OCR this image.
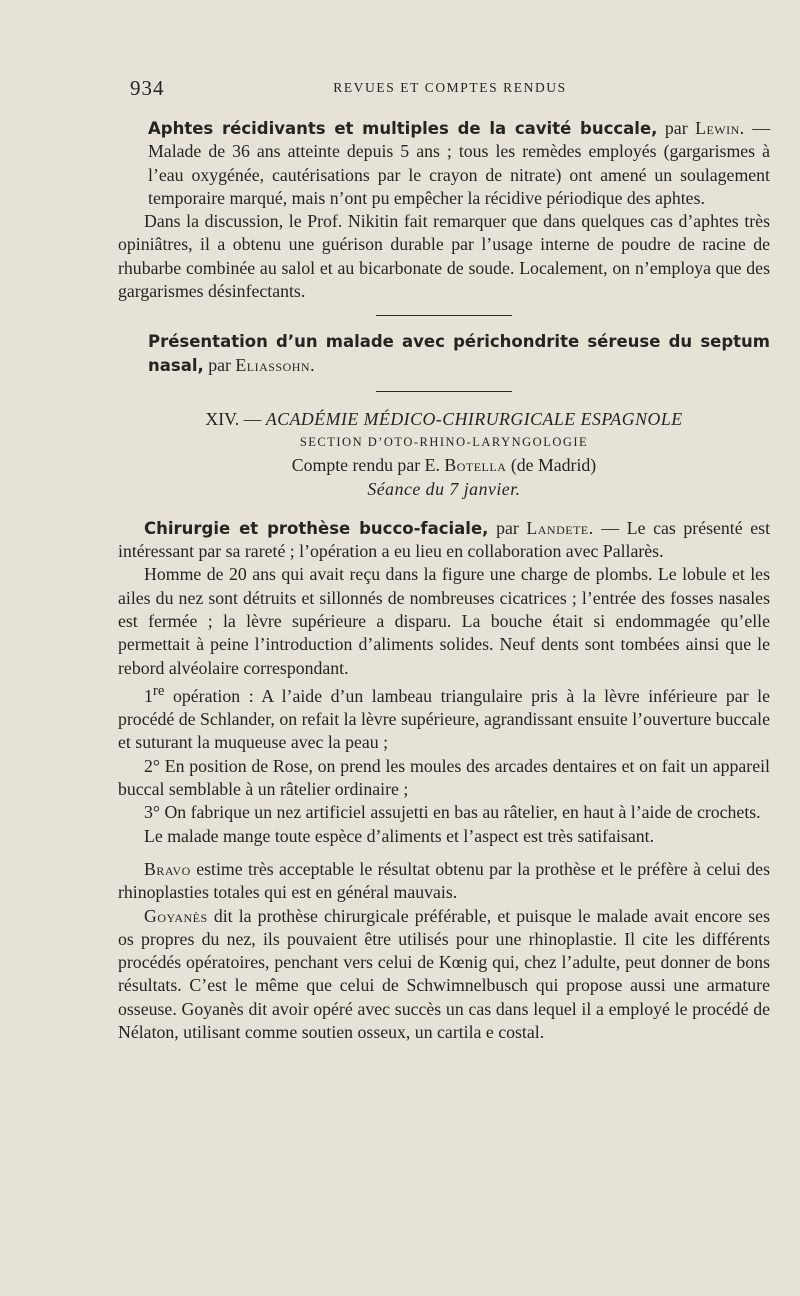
934	REVUES ET COMPTES RENDUS

Aphtes récidivants et multiples de la cavité buccale, par Lewin. — Malade de 36 ans atteinte depuis 5 ans ; tous les remèdes employés (gargarismes à l’eau oxygénée, cautérisations par le crayon de nitrate) ont amené un soulagement temporaire marqué, mais n’ont pu empêcher la récidive périodique des aphtes.

Dans la discussion, le Prof. Nikitin fait remarquer que dans quelques cas d’aphtes très opiniâtres, il a obtenu une guérison durable par l’usage interne de poudre de racine de rhubarbe combinée au salol et au bicarbonate de soude. Localement, on n’employa que des gargarismes désinfectants.

Présentation d’un malade avec périchondrite séreuse du septum nasal, par Eliassohn.

XIV. — ACADÉMIE MÉDICO-CHIRURGICALE ESPAGNOLE
SECTION D’OTO-RHINO-LARYNGOLOGIE
Compte rendu par E. Botella (de Madrid)
Séance du 7 janvier.

Chirurgie et prothèse bucco-faciale, par Landete. — Le cas présenté est intéressant par sa rareté ; l’opération a eu lieu en collaboration avec Pallarès.

Homme de 20 ans qui avait reçu dans la figure une charge de plombs. Le lobule et les ailes du nez sont détruits et sillonnés de nombreuses cicatrices ; l’entrée des fosses nasales est fermée ; la lèvre supérieure a disparu. La bouche était si endommagée qu’elle permettait à peine l’introduction d’aliments solides. Neuf dents sont tombées ainsi que le rebord alvéolaire correspondant.

1re opération : A l’aide d’un lambeau triangulaire pris à la lèvre inférieure par le procédé de Schlander, on refait la lèvre supérieure, agrandissant ensuite l’ouverture buccale et suturant la muqueuse avec la peau ;

2° En position de Rose, on prend les moules des arcades dentaires et on fait un appareil buccal semblable à un râtelier ordinaire ;

3° On fabrique un nez artificiel assujetti en bas au râtelier, en haut à l’aide de crochets.

Le malade mange toute espèce d’aliments et l’aspect est très satifaisant.

Bravo estime très acceptable le résultat obtenu par la prothèse et le préfère à celui des rhinoplasties totales qui est en général mauvais.

Goyanès dit la prothèse chirurgicale préférable, et puisque le malade avait encore ses os propres du nez, ils pouvaient être utilisés pour une rhinoplastie. Il cite les différents procédés opératoires, penchant vers celui de Kœnig qui, chez l’adulte, peut donner de bons résultats. C’est le même que celui de Schwimnelbusch qui propose aussi une armature osseuse. Goyanès dit avoir opéré avec succès un cas dans lequel il a employé le procédé de Nélaton, utilisant comme soutien osseux, un cartila e costal.
